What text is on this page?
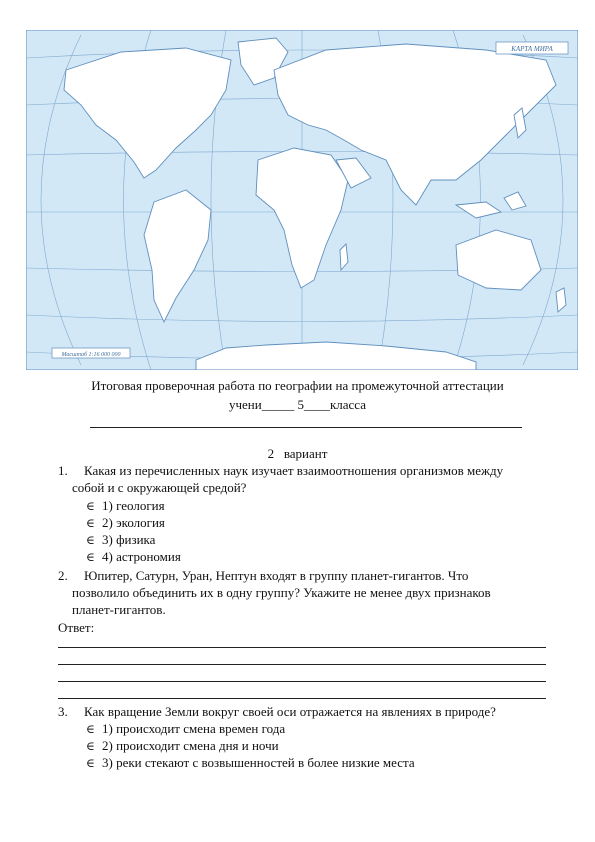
КАРТА МИРА
Масштаб 1:16 000 000
Итоговая проверочная работа по географии на промежуточной аттестации
учени_____ 5____класса
2 вариант
1. Какая из перечисленных наук изучает взаимоотношения организмов между
собой и с окружающей средой?
∈ 1) геология
∈ 2) экология
∈ 3) физика
∈ 4) астрономия
2. Юпитер, Сатурн, Уран, Нептун входят в группу планет-гигантов. Что
позволило объединить их в одну группу? Укажите не менее двух признаков
планет-гигантов.
Ответ:
3. Как вращение Земли вокруг своей оси отражается на явлениях в природе?
∈ 1) происходит смена времен года
∈ 2) происходит смена дня и ночи
∈ 3) реки стекают с возвышенностей в более низкие места
